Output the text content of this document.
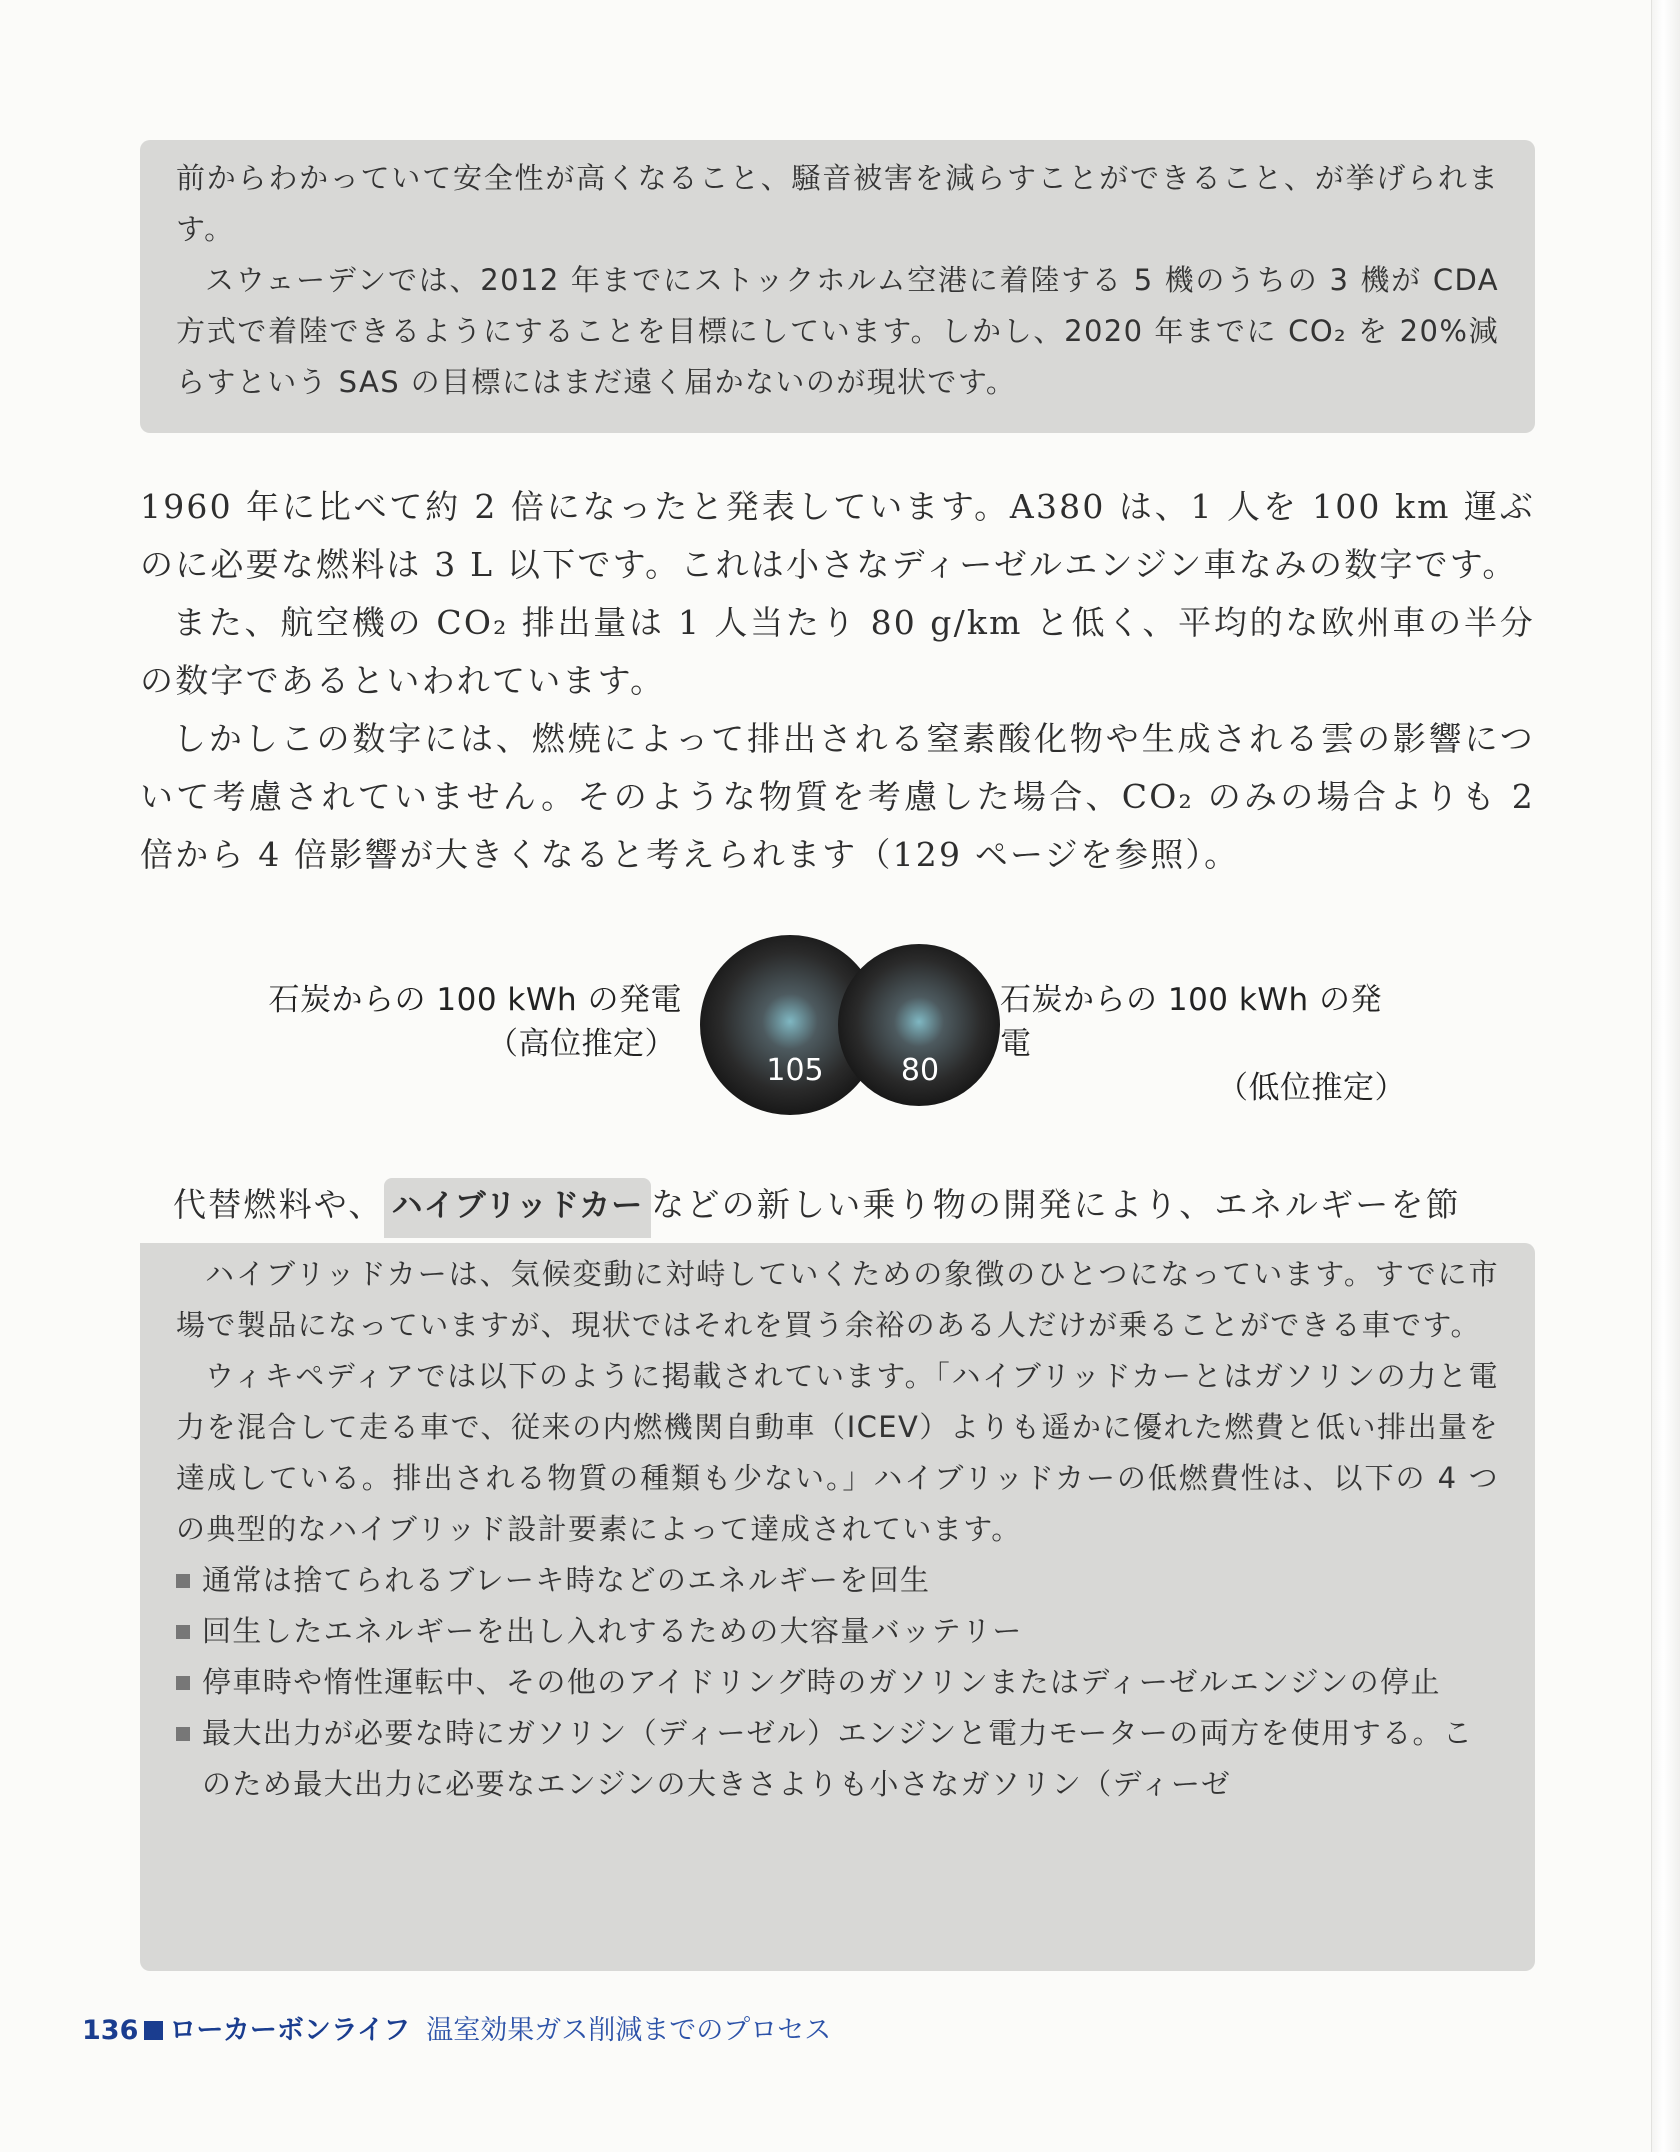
前からわかっていて安全性が高くなること、騒音被害を減らすことができること、が挙げられます。

スウェーデンでは、2012 年までにストックホルム空港に着陸する 5 機のうちの 3 機が CDA 方式で着陸できるようにすることを目標にしています。しかし、2020 年までに CO₂ を 20%減らすという SAS の目標にはまだ遠く届かないのが現状です。

1960 年に比べて約 2 倍になったと発表しています。A380 は、1 人を 100 km 運ぶのに必要な燃料は 3 L 以下です。これは小さなディーゼルエンジン車なみの数字です。

また、航空機の CO₂ 排出量は 1 人当たり 80 g/km と低く、平均的な欧州車の半分の数字であるといわれています。

しかしこの数字には、燃焼によって排出される窒素酸化物や生成される雲の影響について考慮されていません。そのような物質を考慮した場合、CO₂ のみの場合よりも 2 倍から 4 倍影響が大きくなると考えられます（129 ページを参照）。

石炭からの 100 kWh の発電
（高位推定）
105	80
石炭からの 100 kWh の発電
（低位推定）

代替燃料や、 ハイブリッドカー などの新しい乗り物の開発により、エネルギーを節

ハイブリッドカーは、気候変動に対峙していくための象徴のひとつになっています。すでに市場で製品になっていますが、現状ではそれを買う余裕のある人だけが乗ることができる車です。

ウィキペディアでは以下のように掲載されています。「ハイブリッドカーとはガソリンの力と電力を混合して走る車で、従来の内燃機関自動車（ICEV）よりも遥かに優れた燃費と低い排出量を達成している。排出される物質の種類も少ない。」ハイブリッドカーの低燃費性は、以下の 4 つの典型的なハイブリッド設計要素によって達成されています。

通常は捨てられるブレーキ時などのエネルギーを回生
回生したエネルギーを出し入れするための大容量バッテリー
停車時や惰性運転中、その他のアイドリング時のガソリンまたはディーゼルエンジンの停止
最大出力が必要な時にガソリン（ディーゼル）エンジンと電力モーターの両方を使用する。このため最大出力に必要なエンジンの大きさよりも小さなガソリン（ディーゼ
136 ローカーボンライフ 温室効果ガス削減までのプロセス
